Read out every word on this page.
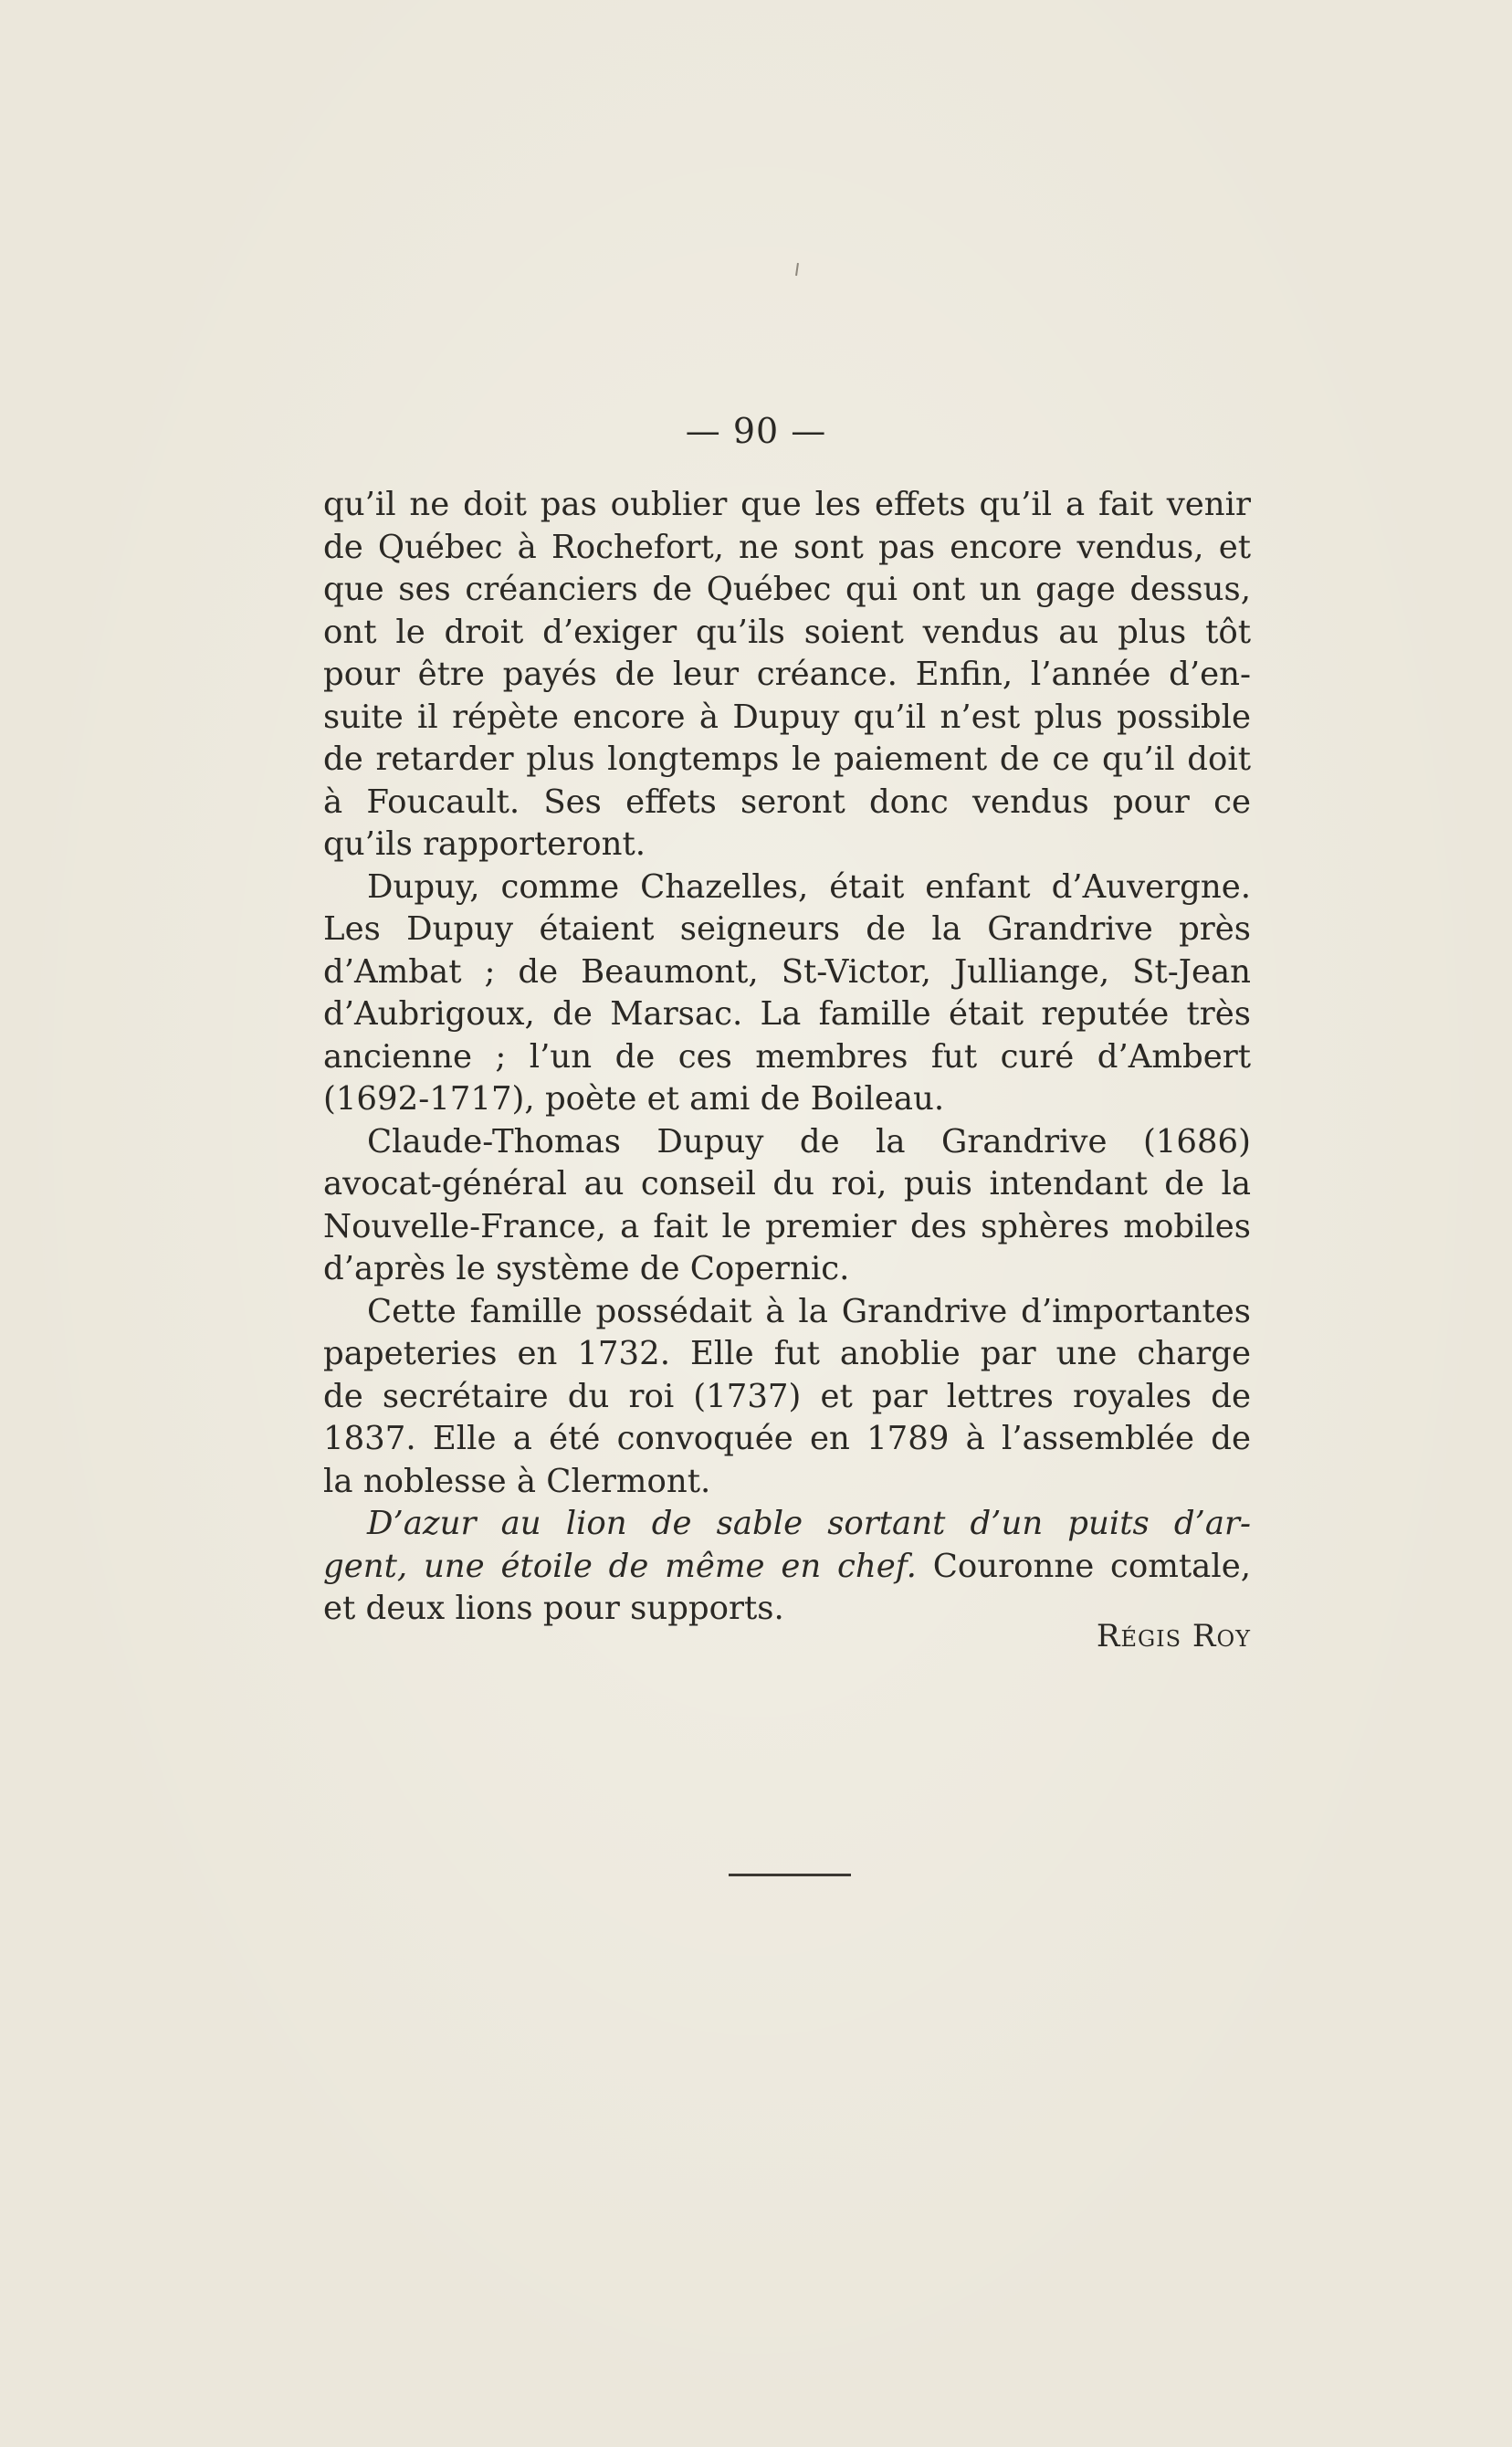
— 90 —
qu’il ne doit pas oublier que les effets qu’il a fait venir
de Québec à Rochefort, ne sont pas encore vendus, et
que ses créanciers de Québec qui ont un gage dessus,
ont le droit d’exiger qu’ils soient vendus au plus tôt
pour être payés de leur créance. Enfin, l’année d’en-
suite il répète encore à Dupuy qu’il n’est plus possible
de retarder plus longtemps le paiement de ce qu’il doit
à Foucault. Ses effets seront donc vendus pour ce
qu’ils rapporteront.
Dupuy, comme Chazelles, était enfant d’Auvergne.
Les Dupuy étaient seigneurs de la Grandrive près
d’Ambat ; de Beaumont, St-Victor, Julliange, St-Jean
d’Aubrigoux, de Marsac. La famille était reputée très
ancienne ; l’un de ces membres fut curé d’Ambert
(1692-1717), poète et ami de Boileau.
Claude-Thomas Dupuy de la Grandrive (1686)
avocat-général au conseil du roi, puis intendant de la
Nouvelle-France, a fait le premier des sphères mobiles
d’après le système de Copernic.
Cette famille possédait à la Grandrive d’importantes
papeteries en 1732. Elle fut anoblie par une charge
de secrétaire du roi (1737) et par lettres royales de
1837. Elle a été convoquée en 1789 à l’assemblée de
la noblesse à Clermont.
D’azur au lion de sable sortant d’un puits d’ar-
gent, une étoile de même en chef. Couronne comtale,
et deux lions pour supports.
Régis Roy
